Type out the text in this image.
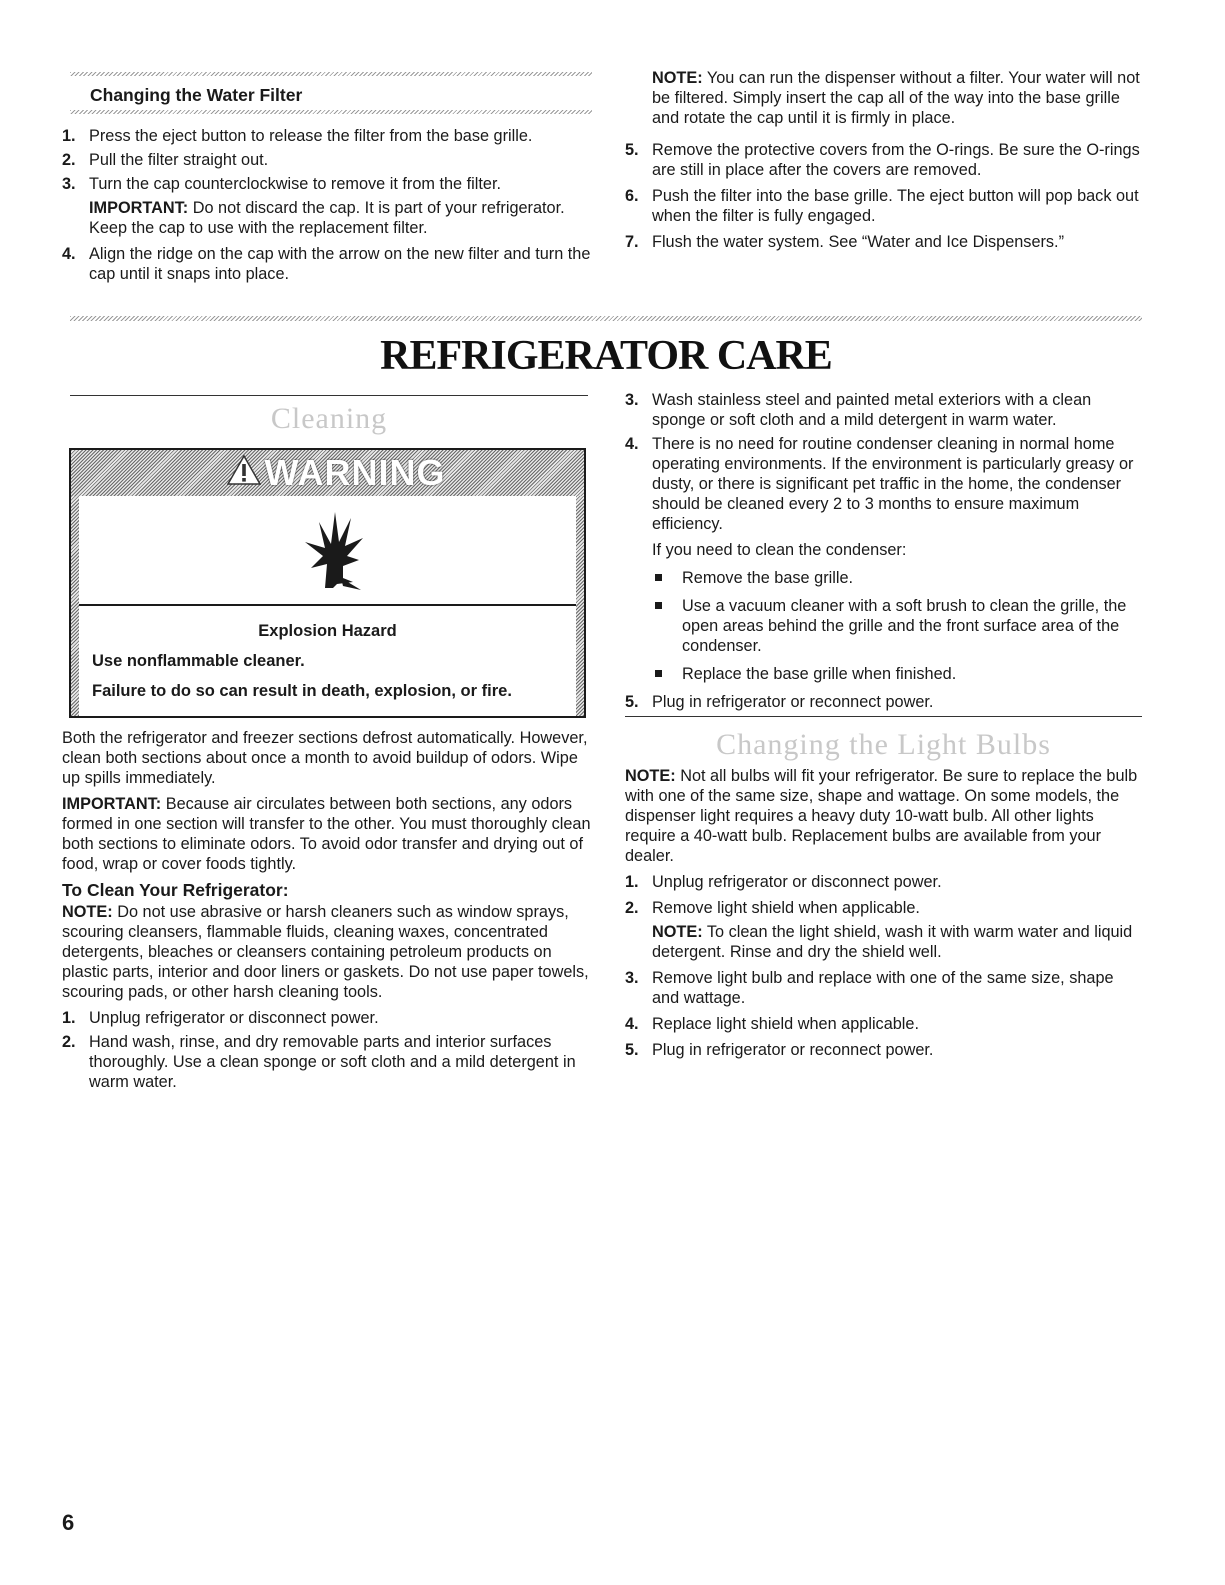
Changing the Water Filter
1. Press the eject button to release the filter from the base grille.
2. Pull the filter straight out.
3. Turn the cap counterclockwise to remove it from the filter.
IMPORTANT: Do not discard the cap. It is part of your refrigerator. Keep the cap to use with the replacement filter.
4. Align the ridge on the cap with the arrow on the new filter and turn the cap until it snaps into place.
NOTE: You can run the dispenser without a filter. Your water will not be filtered. Simply insert the cap all of the way into the base grille and rotate the cap until it is firmly in place.
5. Remove the protective covers from the O-rings. Be sure the O-rings are still in place after the covers are removed.
6. Push the filter into the base grille. The eject button will pop back out when the filter is fully engaged.
7. Flush the water system. See “Water and Ice Dispensers.”
REFRIGERATOR CARE
Cleaning
WARNING
Explosion Hazard
Use nonflammable cleaner.
Failure to do so can result in death, explosion, or fire.

Both the refrigerator and freezer sections defrost automatically. However, clean both sections about once a month to avoid buildup of odors. Wipe up spills immediately.

IMPORTANT: Because air circulates between both sections, any odors formed in one section will transfer to the other. You must thoroughly clean both sections to eliminate odors. To avoid odor transfer and drying out of food, wrap or cover foods tightly.

To Clean Your Refrigerator:

NOTE: Do not use abrasive or harsh cleaners such as window sprays, scouring cleansers, flammable fluids, cleaning waxes, concentrated detergents, bleaches or cleansers containing petroleum products on plastic parts, interior and door liners or gaskets. Do not use paper towels, scouring pads, or other harsh cleaning tools.

1. Unplug refrigerator or disconnect power.
2. Hand wash, rinse, and dry removable parts and interior surfaces thoroughly. Use a clean sponge or soft cloth and a mild detergent in warm water.
3. Wash stainless steel and painted metal exteriors with a clean sponge or soft cloth and a mild detergent in warm water.
4. There is no need for routine condenser cleaning in normal home operating environments. If the environment is particularly greasy or dusty, or there is significant pet traffic in the home, the condenser should be cleaned every 2 to 3 months to ensure maximum efficiency.
If you need to clean the condenser:
Remove the base grille.
Use a vacuum cleaner with a soft brush to clean the grille, the open areas behind the grille and the front surface area of the condenser.
Replace the base grille when finished.
5. Plug in refrigerator or reconnect power.
Changing the Light Bulbs

NOTE: Not all bulbs will fit your refrigerator. Be sure to replace the bulb with one of the same size, shape and wattage. On some models, the dispenser light requires a heavy duty 10-watt bulb. All other lights require a 40-watt bulb. Replacement bulbs are available from your dealer.

1. Unplug refrigerator or disconnect power.
2. Remove light shield when applicable.
NOTE: To clean the light shield, wash it with warm water and liquid detergent. Rinse and dry the shield well.
3. Remove light bulb and replace with one of the same size, shape and wattage.
4. Replace light shield when applicable.
5. Plug in refrigerator or reconnect power.
6
